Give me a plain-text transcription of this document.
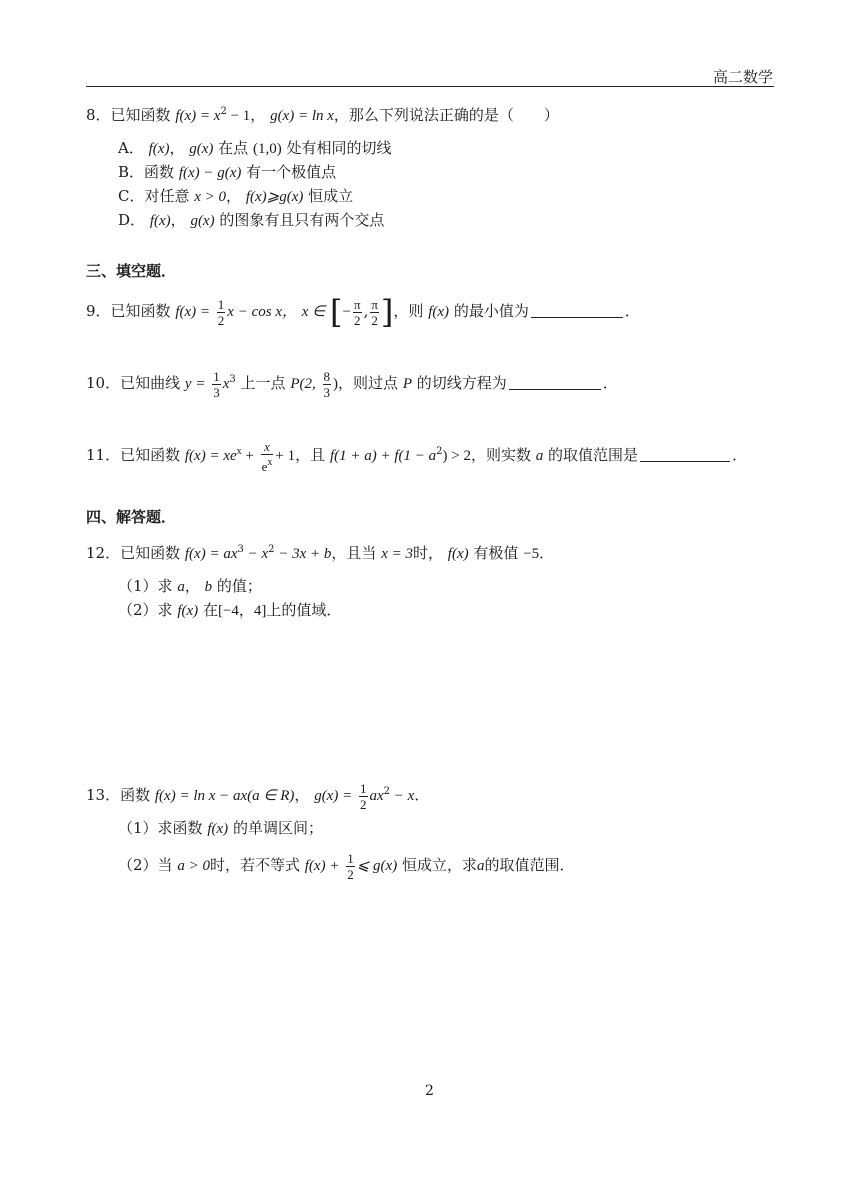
高二数学
8．已知函数 $f(x) = x^2 - 1$， g(x) = ln x，那么下列说法正确的是（　　）
A． f(x)， g(x) 在点 (1,0) 处有相同的切线
B．函数 f(x) − g(x) 有一个极值点
C．对任意 x > 0， f(x)⩾g(x) 恒成立
D． f(x)， g(x) 的图象有且只有两个交点
三、填空题．
9．已知函数 $f(x) = \frac{1}{2}$ x − cos x， x ∈ [− $\frac{\pi}{2}$ , $\frac{\pi}{2}$ ]，则 f(x) 的最小值为	．
10．已知曲线 $y = \frac{1}{3} x^3$ 上一点 P(2, $\frac{8}{3}$ )，则过点 P 的切线方程为	．
11．已知函数 $f(x) = xe^x + \frac{x}{e^x} + 1$，且 $f(1 + a) + f(1 - a^2) > 2$，则实数 a 的取值范围是	．
四、解答题．
12．已知函数 $f(x) = ax^3 - x^2 - 3x + b$，且当 x = 3时， f(x) 有极值 −5．
（1）求 a， b 的值；
（2）求 f(x) 在[−4，4]上的值域．
13．函数 f(x) = ln x − ax(a ∈ R)， $g(x) = \frac{1}{2} ax^2 - x$．
（1）求函数 f(x) 的单调区间；
（2）当 a > 0时，若不等式 $f(x) + \frac{1}{2}$ ⩽ g(x) 恒成立，求a的取值范围．
2
